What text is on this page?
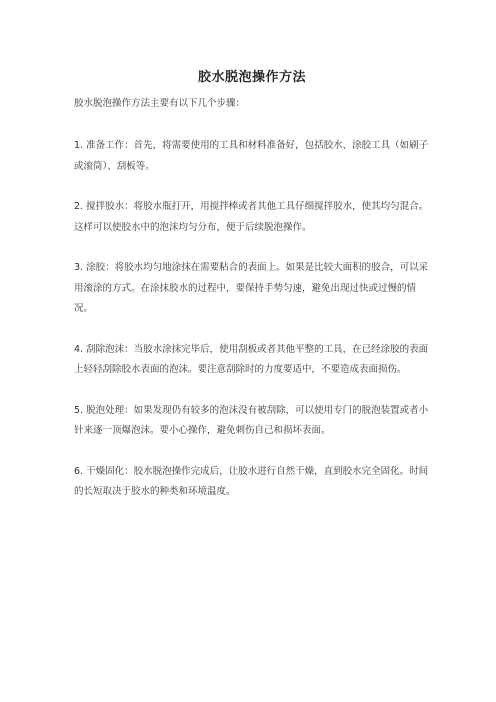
胶水脱泡操作方法
胶水脱泡操作方法主要有以下几个步骤：
1. 准备工作：首先，将需要使用的工具和材料准备好，包括胶水、涂胶工具（如刷子或滚筒）、刮板等。
2. 搅拌胶水：将胶水瓶打开，用搅拌棒或者其他工具仔细搅拌胶水，使其均匀混合。这样可以使胶水中的泡沫均匀分布，便于后续脱泡操作。
3. 涂胶：将胶水均匀地涂抹在需要粘合的表面上。如果是比较大面积的胶合，可以采用滚涂的方式。在涂抹胶水的过程中，要保持手势匀速，避免出现过快或过慢的情况。
4. 刮除泡沫：当胶水涂抹完毕后，使用刮板或者其他平整的工具，在已经涂胶的表面上轻轻刮除胶水表面的泡沫。要注意刮除时的力度要适中，不要造成表面损伤。
5. 脱泡处理：如果发现仍有较多的泡沫没有被刮除，可以使用专门的脱泡装置或者小针来逐一顶爆泡沫。要小心操作，避免刺伤自己和损坏表面。
6. 干燥固化：胶水脱泡操作完成后，让胶水进行自然干燥，直到胶水完全固化。时间的长短取决于胶水的种类和环境温度。
